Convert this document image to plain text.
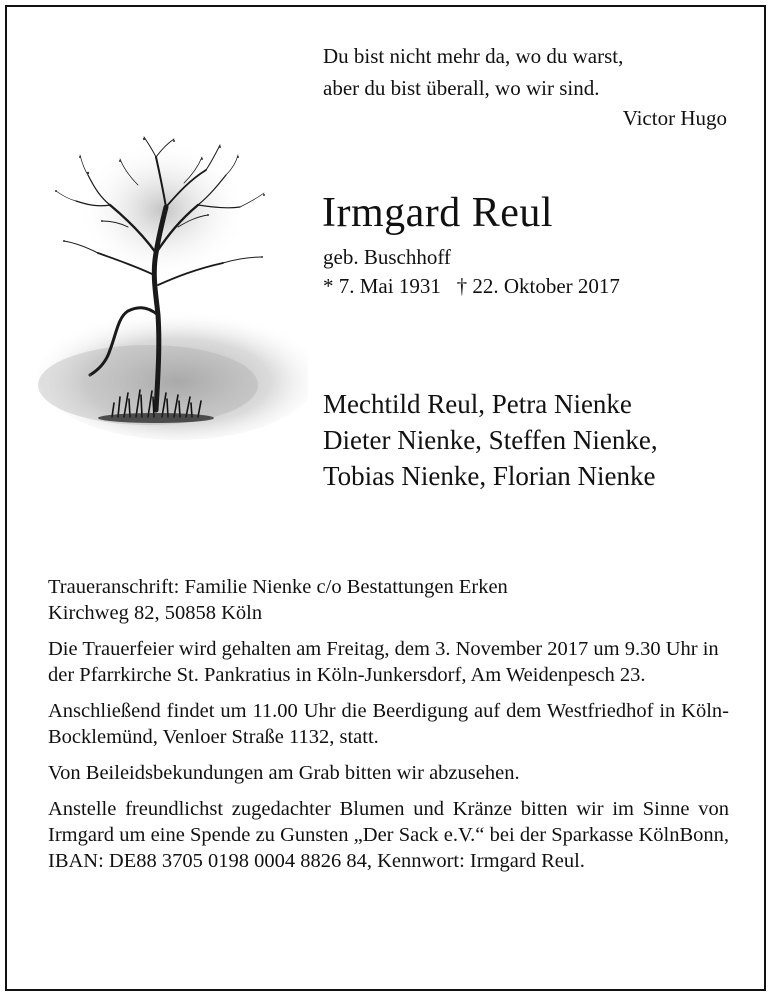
Du bist nicht mehr da, wo du warst,
aber du bist überall, wo wir sind.
Victor Hugo
Irmgard Reul
geb. Buschhoff
* 7. Mai 1931   † 22. Oktober 2017
Mechtild Reul, Petra Nienke
Dieter Nienke, Steffen Nienke,
Tobias Nienke, Florian Nienke

Traueranschrift: Familie Nienke c/o Bestattungen Erken
Kirchweg 82, 50858 Köln

Die Trauerfeier wird gehalten am Freitag, dem 3. November 2017 um 9.30 Uhr in der Pfarrkirche St. Pankratius in Köln-Junkersdorf, Am Weidenpesch 23.

Anschließend findet um 11.00 Uhr die Beerdigung auf dem Westfriedhof in Köln-Bocklemünd, Venloer Straße 1132, statt.

Von Beileidsbekundungen am Grab bitten wir abzusehen.

Anstelle freundlichst zugedachter Blumen und Kränze bitten wir im Sinne von Irmgard um eine Spende zu Gunsten „Der Sack e.V.“ bei der Sparkasse KölnBonn, IBAN: DE88 3705 0198 0004 8826 84, Kennwort: Irmgard Reul.
